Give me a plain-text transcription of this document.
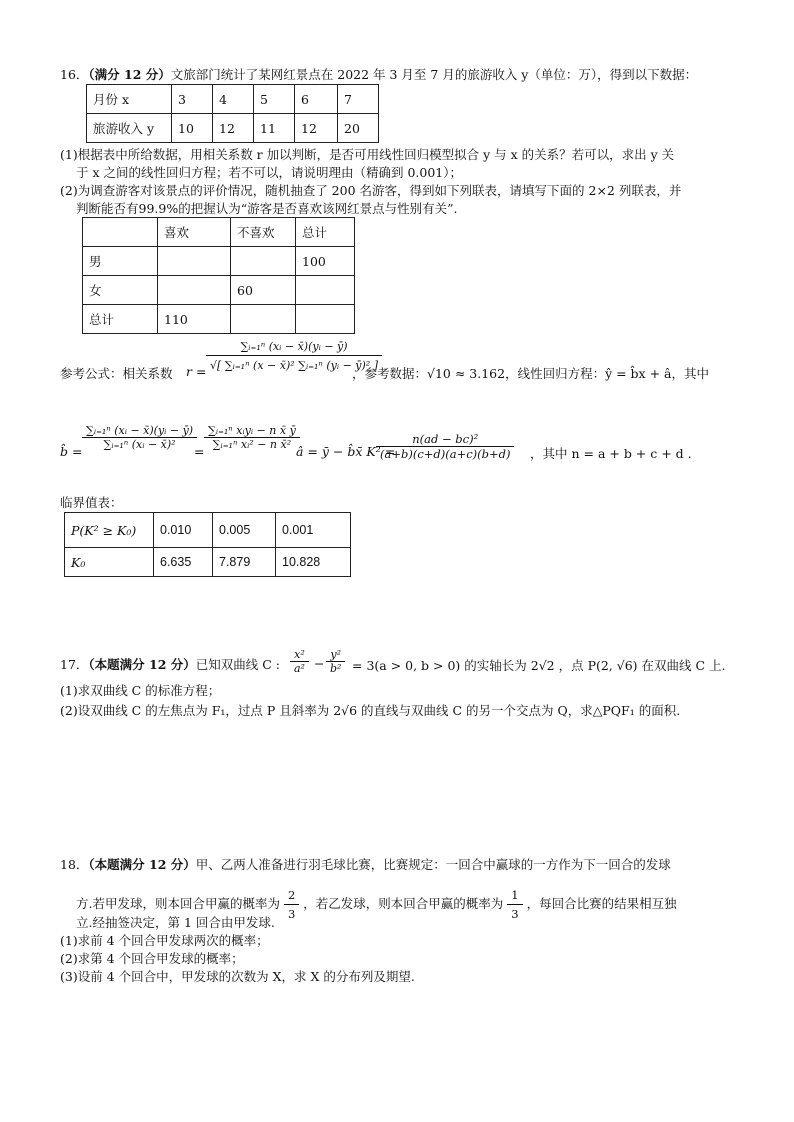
16．（满分 12 分）文旅部门统计了某网红景点在 2022 年 3 月至 7 月的旅游收入 y（单位：万），得到以下数据：
月份 x	3	4	5	6	7
旅游收入 y	10	12	11	12	20
(1)根据表中所给数据，用相关系数 r 加以判断，是否可用线性回归模型拟合 y 与 x 的关系？若可以，求出 y 关
于 x 之间的线性回归方程；若不可以，请说明理由（精确到 0.001）；
(2)为调查游客对该景点的评价情况，随机抽查了 200 名游客，得到如下列联表，请填写下面的 2×2 列联表，并
判断能否有99.9%的把握认为“游客是否喜欢该网红景点与性别有关”.
	喜欢	不喜欢	总计
男			100
女		60	
总计	110		
参考公式：相关系数 $r = \frac{\text{∑ᵢ₌₁ⁿ (xᵢ − x̄)(yᵢ − ȳ)}}{\text{√[ ∑ᵢ₌₁ⁿ (x − x̄)² ∑ᵢ₌₁ⁿ (yᵢ − ȳ)² ]}}$
，参考数据：√10 ≈ 3.162，线性回归方程：ŷ = b̂x + â，其中
b̂ =
$\frac{\text{∑ᵢ₌₁ⁿ (xᵢ − x̄)(yᵢ − ȳ)}}{\text{∑ᵢ₌₁ⁿ (xᵢ − x̄)²}}$
=
∑ᵢ₌₁ⁿ xᵢyᵢ − n x̄ ȳ
∑ᵢ₌₁ⁿ xᵢ² − n x̄² â = ȳ − b̂x̄ K² =
$\frac{\text{n(ad − bc)²}}{(a+b)(c+d)(a+c)(b+d)}$ ，其中 n = a + b + c + d .
临界值表：
P(K² ≥ K₀)	0.010	0.005	0.001
K₀	6.635	7.879	10.828
17．（本题满分 12 分）已知双曲线 C : $\frac{\text{x²}}{\text{a²}} - \frac{\text{y²}}{\text{b²}} = 3(a > 0$, b > 0) 的实轴长为 2√2 ，点 P(2, √6) 在双曲线 C 上.
(1)求双曲线 C 的标准方程；
(2)设双曲线 C 的左焦点为 F₁，过点 P 且斜率为 2√6 的直线与双曲线 C 的另一个交点为 Q，求△PQF₁ 的面积.
18．（本题满分 12 分）甲、乙两人准备进行羽毛球比赛，比赛规定：一回合中赢球的一方作为下一回合的发球
方.若甲发球，则本回合甲赢的概率为 $\frac{2}{3}$ ，若乙发球，则本回合甲赢的概率为 $\frac{1}{3}$ ，每回合比赛的结果相互独
立.经抽签决定，第 1 回合由甲发球.
(1)求前 4 个回合甲发球两次的概率；
(2)求第 4 个回合甲发球的概率；
(3)设前 4 个回合中，甲发球的次数为 X，求 X 的分布列及期望.
